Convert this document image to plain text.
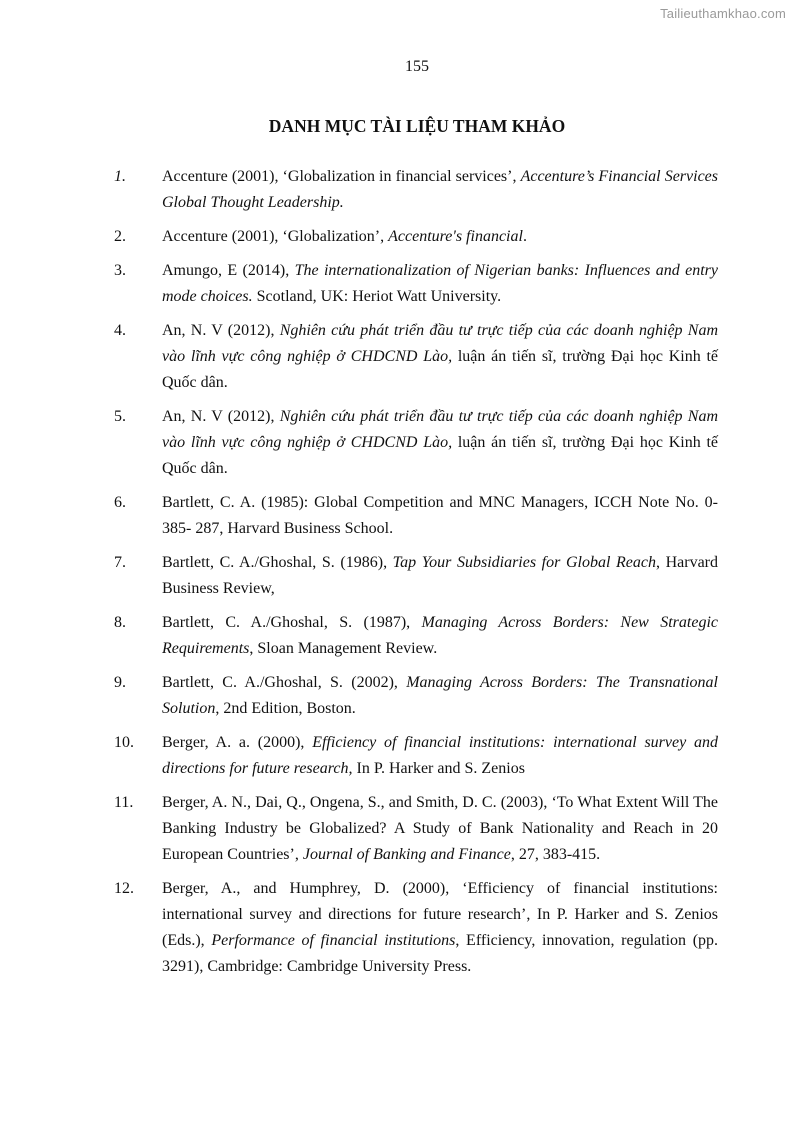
Tailieuthamkhao.com
155
DANH MỤC TÀI LIỆU THAM KHẢO
1.	Accenture (2001), ‘Globalization in financial services’, Accenture’s Financial Services Global Thought Leadership.
2.	Accenture (2001), ‘Globalization’, Accenture's financial.
3.	Amungo, E (2014), The internationalization of Nigerian banks: Influences and entry mode choices. Scotland, UK: Heriot Watt University.
4.	An, N. V (2012), Nghiên cứu phát triển đầu tư trực tiếp của các doanh nghiệp Nam vào lĩnh vực công nghiệp ở CHDCND Lào, luận án tiến sĩ, trường Đại học Kinh tế Quốc dân.
5.	An, N. V (2012), Nghiên cứu phát triển đầu tư trực tiếp của các doanh nghiệp Nam vào lĩnh vực công nghiệp ở CHDCND Lào, luận án tiến sĩ, trường Đại học Kinh tế Quốc dân.
6.	Bartlett, C. A. (1985): Global Competition and MNC Managers, ICCH Note No. 0-385- 287, Harvard Business School.
7.	Bartlett, C. A./Ghoshal, S. (1986), Tap Your Subsidiaries for Global Reach, Harvard Business Review,
8.	Bartlett, C. A./Ghoshal, S. (1987), Managing Across Borders: New Strategic Requirements, Sloan Management Review.
9.	Bartlett, C. A./Ghoshal, S. (2002), Managing Across Borders: The Transnational Solution, 2nd Edition, Boston.
10.	Berger, A. a. (2000), Efficiency of financial institutions: international survey and directions for future research, In P. Harker and S. Zenios
11.	Berger, A. N., Dai, Q., Ongena, S., and Smith, D. C. (2003), ‘To What Extent Will The Banking Industry be Globalized? A Study of Bank Nationality and Reach in 20 European Countries’, Journal of Banking and Finance, 27, 383-415.
12.	Berger, A., and Humphrey, D. (2000), ‘Efficiency of financial institutions: international survey and directions for future research’, In P. Harker and S. Zenios (Eds.), Performance of financial institutions, Efficiency, innovation, regulation (pp. 3291), Cambridge: Cambridge University Press.
